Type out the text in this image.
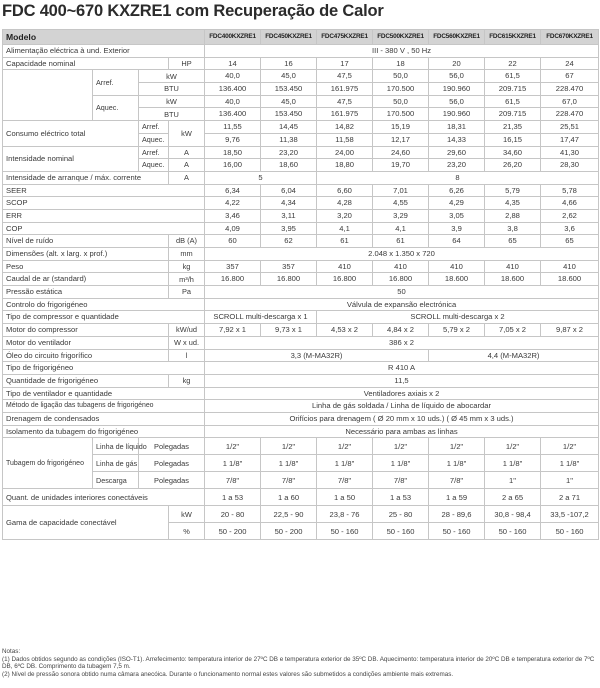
FDC 400~670 KXZRE1 com Recuperação de Calor
Modelo				FDC400KXZRE1	FDC450KXZRE1	FDC475KXZRE1	FDC500KXZRE1	FDC560KXZRE1	FDC615KXZRE1	FDC670KXZRE1
Alimentação eléctrica à und. Exterior				III - 380 V , 50 Hz						
Capacidade nominal			HP	14	16	17	18	20	22	24
	Arref.	kW		40,0	45,0	47,5	50,0	56,0	61,5	67
		BTU		136.400	153.450	161.975	170.500	190.960	209.715	228.470
	Aquec.	kW		40,0	45,0	47,5	50,0	56,0	61,5	67,0
		BTU		136.400	153.450	161.975	170.500	190.960	209.715	228.470
Consumo eléctrico total		Arref.	kW	11,55	14,45	14,82	15,19	18,31	21,35	25,51
		Aquec.		9,76	11,38	11,58	12,17	14,33	16,15	17,47
Intensidade nominal		Arref.	A	18,50	23,20	24,00	24,60	29,60	34,60	41,30
		Aquec.	A	16,00	18,60	18,80	19,70	23,20	26,20	28,30
Intensidade de arranque / máx. corrente			A	5		8				
SEER				6,34	6,04	6,60	7,01	6,26	5,79	5,78
SCOP				4,22	4,34	4,28	4,55	4,29	4,35	4,66
ERR				3,46	3,11	3,20	3,29	3,05	2,88	2,62
COP				4,09	3,95	4,1	4,1	3,9	3,8	3,6
Nível de ruído			dB (A)	60	62	61	61	64	65	65
Dimensões (alt. x larg. x prof.)			mm	2.048 x 1.350 x 720						
Peso			kg	357	357	410	410	410	410	410
Caudal de ar (standard)			m³/h	16.800	16.800	16.800	16.800	18.600	18.600	18.600
Pressão estática			Pa	50						
Controlo do frigorigéneo				Válvula de expansão electrónica						
Tipo de compressor e quantidade				SCROLL multi-descarga x 1		SCROLL multi-descarga x 2				
Motor do compressor			kW/ud	7,92 x 1	9,73 x 1	4,53 x 2	4,84 x 2	5,79 x 2	7,05 x 2	9,87 x 2
Motor do ventilador			W x ud.	386 x 2						
Óleo do circuito frigorífico			l	3,3 (M-MA32R)				4,4 (M-MA32R)		
Tipo de frigorigéneo				R 410 A						
Quantidade de frigorigéneo			kg	11,5						
Tipo de ventilador e quantidade				Ventiladores axiais x 2						
Método de ligação das tubagens de frigorigéneo				Linha de gás soldada / Linha de líquido de abocardar						
Drenagem de condensados				Orifícios para drenagem ( Ø 20 mm x 10 uds.) ( Ø 45 mm x 3 uds.)						
Isolamento da tubagem do frigorigéneo				Necessário para ambas as linhas						
Tubagem do frigorigéneo	Linha de líquido	Polegadas		1/2"	1/2"	1/2"	1/2"	1/2"	1/2"	1/2"
	Linha de gás	Polegadas		1 1/8"	1 1/8"	1 1/8"	1 1/8"	1 1/8"	1 1/8"	1 1/8"
	Descarga	Polegadas		7/8"	7/8"	7/8"	7/8"	7/8"	1"	1"
Quant. de unidades interiores conectáveis				1 a 53	1 a 60	1 a 50	1 a 53	1 a 59	2 a 65	2 a 71
Gama de capacidade conectável			kW	20 - 80	22,5 - 90	23,8 - 76	25 - 80	28 - 89,6	30,8 - 98,4	33,5 -107,2
			%	50 - 200	50 - 200	50 - 160	50 - 160	50 - 160	50 - 160	50 - 160
Notas:
(1) Dados obtidos segundo as condições (ISO-T1). Arrefecimento: temperatura interior de 27ºC DB e temperatura exterior de 35ºC DB. Aquecimento: temperatura interior de 20ºC DB e temperatura exterior de 7ºC DB, 6ºC DB. Comprimento da tubagem 7,5 m.
(2) Nível de pressão sonora obtido numa câmara anecóica. Durante o funcionamento normal estes valores são submetidos a condições ambiente mais extremas.
